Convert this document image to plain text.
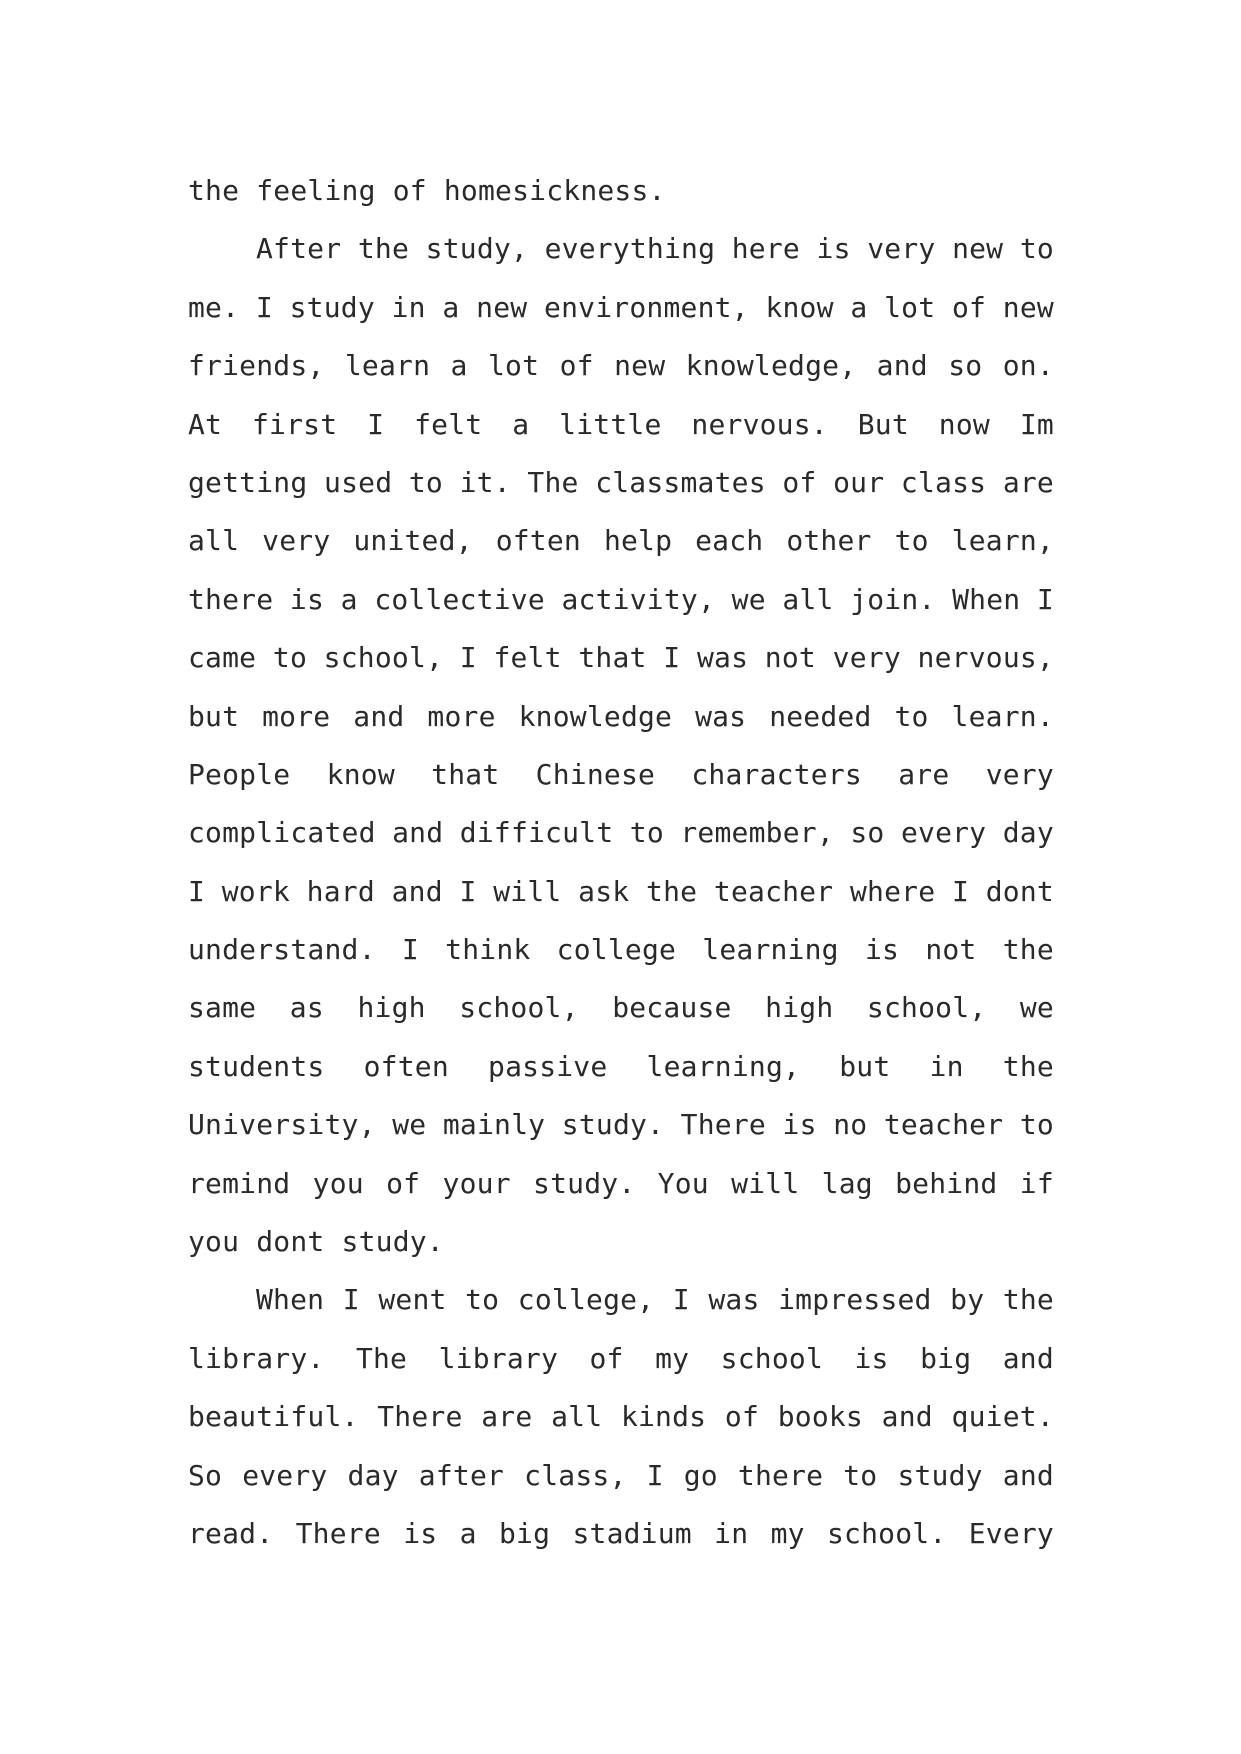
the feeling of homesickness.
After the study, everything here is very new to
me. I study in a new environment, know a lot of new
friends, learn a lot of new knowledge, and so on.
At first I felt a little nervous. But now Im
getting used to it. The classmates of our class are
all very united, often help each other to learn,
there is a collective activity, we all join. When I
came to school, I felt that I was not very nervous,
but more and more knowledge was needed to learn.
People know that Chinese characters are very
complicated and difficult to remember, so every day
I work hard and I will ask the teacher where I dont
understand. I think college learning is not the
same as high school, because high school, we
students often passive learning, but in the
University, we mainly study. There is no teacher to
remind you of your study. You will lag behind if
you dont study.
When I went to college, I was impressed by the
library. The library of my school is big and
beautiful. There are all kinds of books and quiet.
So every day after class, I go there to study and
read. There is a big stadium in my school. Every
